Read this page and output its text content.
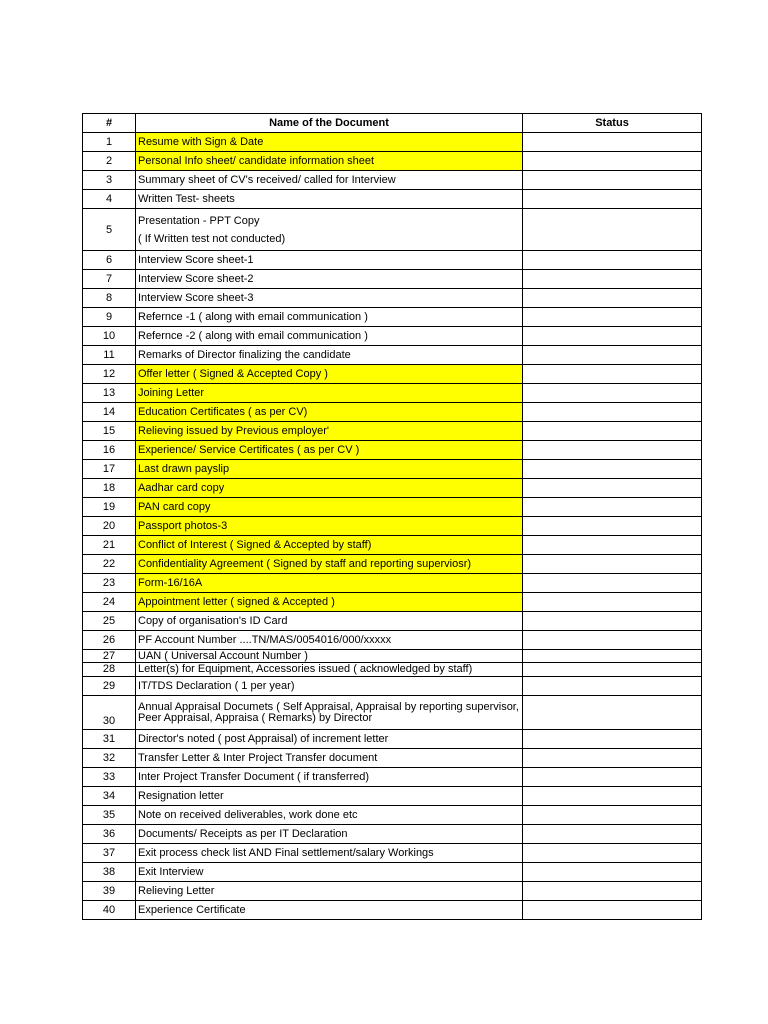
#	Name of the Document	Status
1	Resume with Sign & Date	
2	Personal Info sheet/ candidate information sheet	
3	Summary sheet of CV's received/ called for Interview	
4	Written Test- sheets	
5	Presentation - PPT Copy
( If Written test not conducted)	

6	Interview Score sheet-1	
7	Interview Score sheet-2	
8	Interview Score sheet-3	
9	Refernce -1 ( along with email communication )	
10	Refernce -2 ( along with email communication )	
11	Remarks of Director finalizing the candidate	
12	Offer letter ( Signed & Accepted Copy )	
13	Joining Letter	
14	Education Certificates ( as per CV)	
15	Relieving issued by Previous employer'	
16	Experience/ Service Certificates ( as per CV )	
17	Last drawn payslip	
18	Aadhar card copy	
19	PAN card copy	
20	Passport photos-3	
21	Conflict of Interest ( Signed & Accepted by staff)	
22	Confidentiality Agreement ( Signed by staff and reporting superviosr)	
23	Form-16/16A	
24	Appointment letter ( signed & Accepted )	
25	Copy of organisation's ID Card	
26	PF Account Number ....TN/MAS/0054016/000/xxxxx	
27	UAN ( Universal Account Number )	
28	Letter(s) for Equipment, Accessories issued ( acknowledged by staff)	
29	IT/TDS Declaration ( 1 per year)	
30	Annual Appraisal Documets ( Self Appraisal, Appraisal by reporting supervisor, Peer Appraisal, Appraisa ( Remarks) by Director	
31	Director's noted ( post Appraisal) of increment letter	
32	Transfer Letter & Inter Project Transfer document	
33	Inter Project Transfer Document ( if transferred)	
34	Resignation letter	
35	Note on received deliverables, work done etc	
36	Documents/ Receipts as per IT Declaration	
37	Exit process check list AND Final settlement/salary Workings	
38	Exit Interview	
39	Relieving Letter	
40	Experience Certificate	
